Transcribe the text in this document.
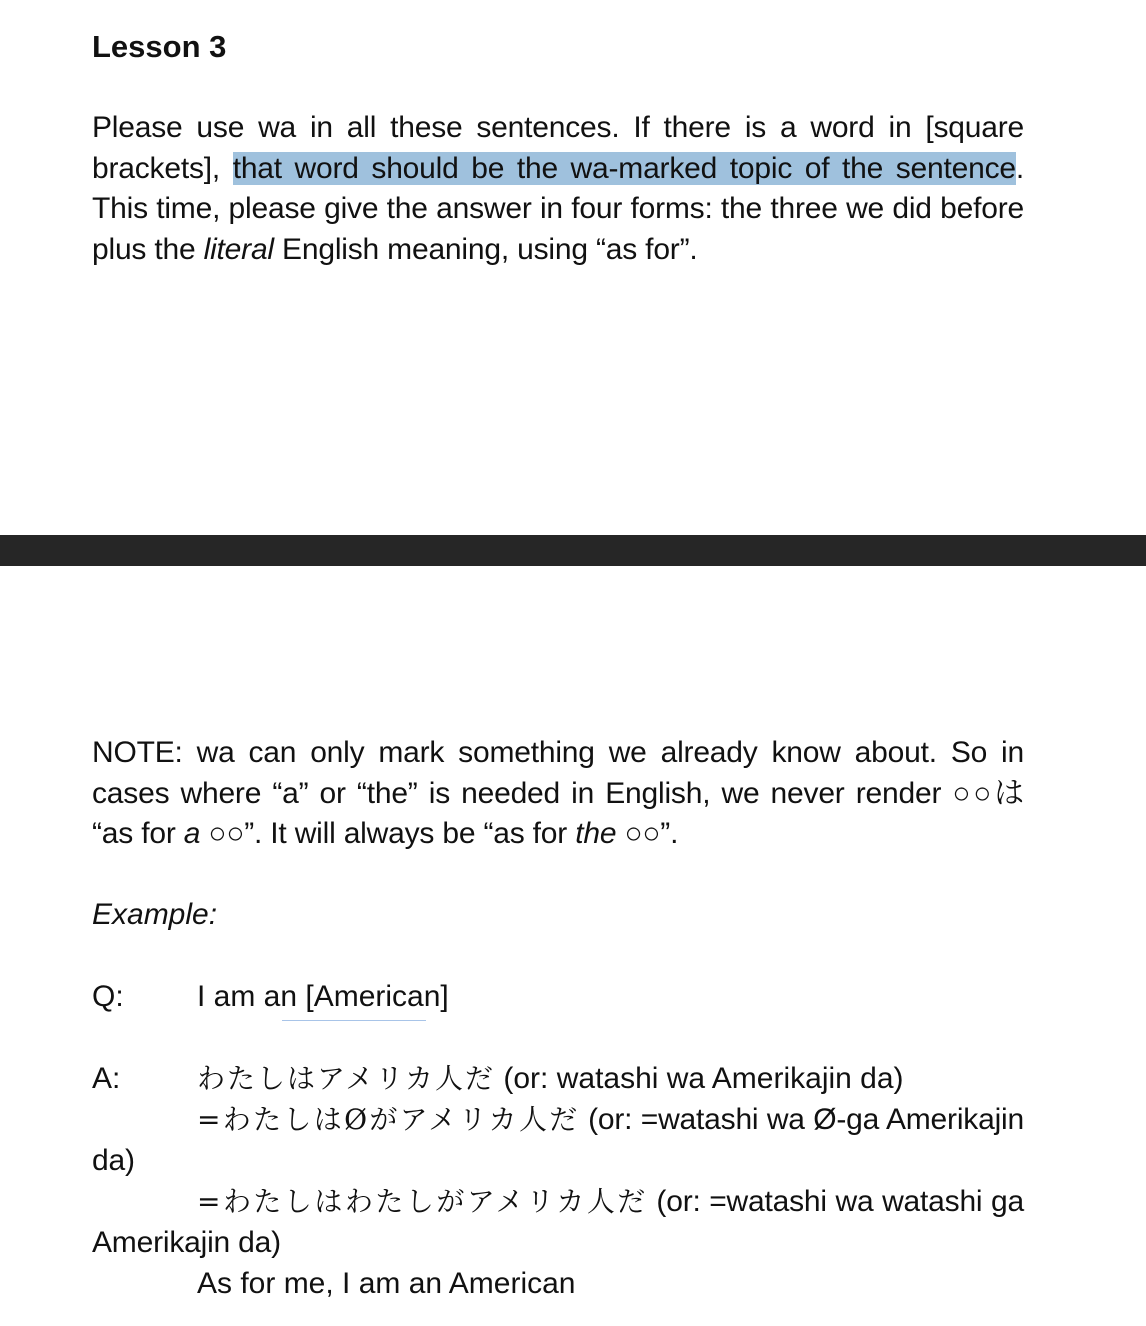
Lesson 3

Please use wa in all these sentences. If there is a word in [square brackets], that word should be the wa-marked topic of the sentence. This time, please give the answer in four forms: the three we did before plus the literal English meaning, using “as for”.

NOTE: wa can only mark something we already know about. So in cases where “a” or “the” is needed in English, we never render ○○は “as for a ○○”. It will always be “as for the ○○”.

Example:
Q: I am an [American]
A:	わたしはアメリカ人だ (or: watashi wa Amerikajin da)

=わたしはØがアメリカ人だ (or: =watashi wa Ø-ga Amerikajin da)

=わたしはわたしがアメリカ人だ (or: =watashi wa watashi ga Amerikajin da)

As for me, I am an American
